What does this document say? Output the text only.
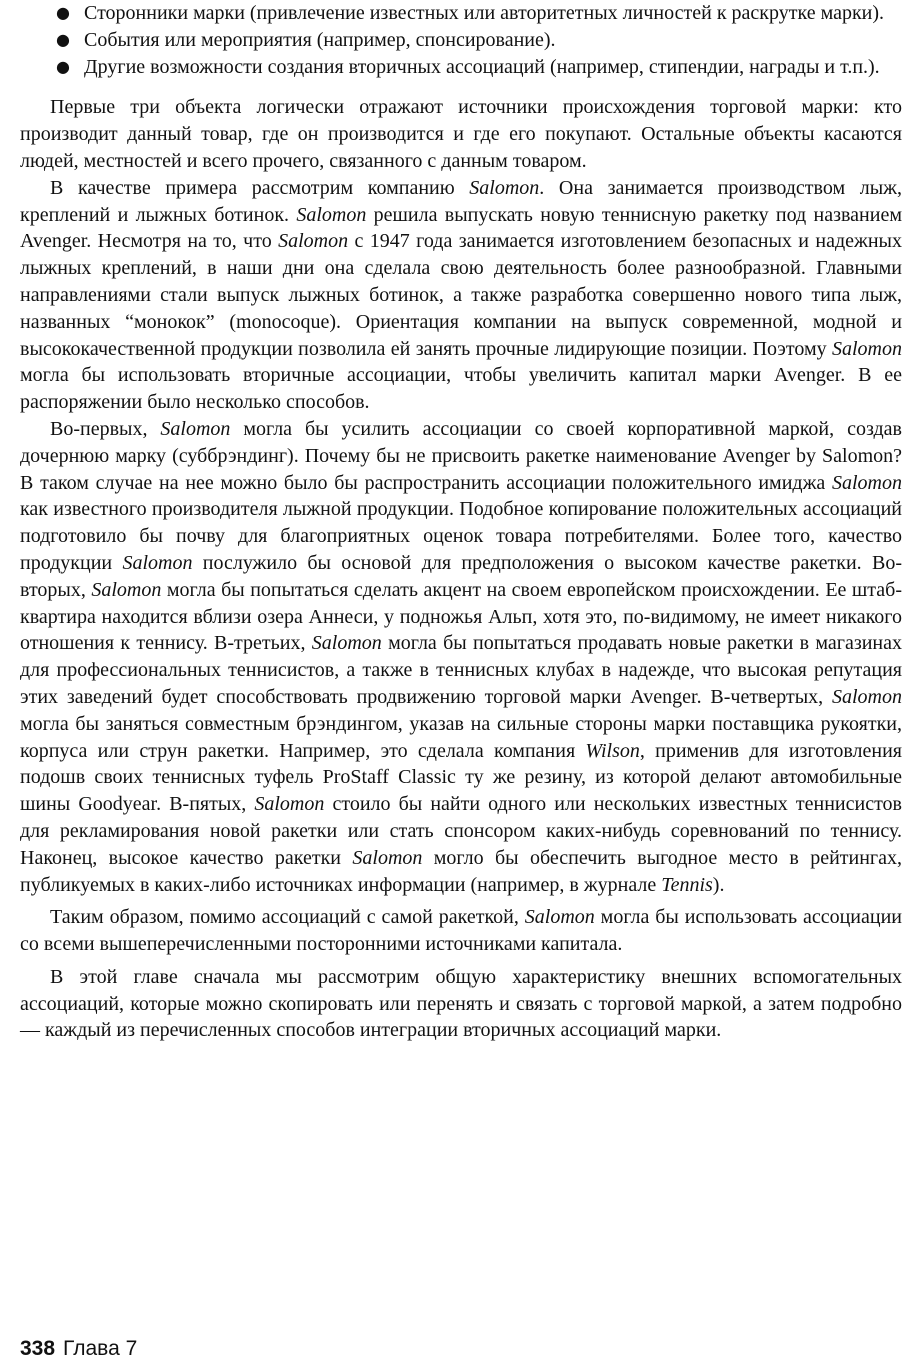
● Сторонники марки (привлечение известных или авторитетных личностей к раскрутке марки).
● События или мероприятия (например, спонсирование).
● Другие возможности создания вторичных ассоциаций (например, стипендии, награды и т.п.).

Первые три объекта логически отражают источники происхождения торговой марки: кто производит данный товар, где он производится и где его покупают. Остальные объекты касаются людей, местностей и всего прочего, связанного с данным товаром.

В качестве примера рассмотрим компанию Salomon. Она занимается производством лыж, креплений и лыжных ботинок. Salomon решила выпускать новую теннисную ракетку под названием Avenger. Несмотря на то, что Salomon с 1947 года занимается изготовлением безопасных и надежных лыжных креплений, в наши дни она сделала свою деятельность более разнообразной. Главными направлениями стали выпуск лыжных ботинок, а также разработка совершенно нового типа лыж, названных “монокок” (monocoque). Ориентация компании на выпуск современной, модной и высококачественной продукции позволила ей занять прочные лидирующие позиции. Поэтому Salomon могла бы использовать вторичные ассоциации, чтобы увеличить капитал марки Avenger. В ее распоряжении было несколько способов.

Во-первых, Salomon могла бы усилить ассоциации со своей корпоративной маркой, создав дочернюю марку (суббрэндинг). Почему бы не присвоить ракетке наименование Avenger by Salomon? В таком случае на нее можно было бы распространить ассоциации положительного имиджа Salomon как известного производителя лыжной продукции. Подобное копирование положительных ассоциаций подготовило бы почву для благоприятных оценок товара потребителями. Более того, качество продукции Salomon послужило бы основой для предположения о высоком качестве ракетки. Во-вторых, Salomon могла бы попытаться сделать акцент на своем европейском происхождении. Ее штаб-квартира находится вблизи озера Аннеси, у подножья Альп, хотя это, по-видимому, не имеет никакого отношения к теннису. В-третьих, Salomon могла бы попытаться продавать новые ракетки в магазинах для профессиональных теннисистов, а также в теннисных клубах в надежде, что высокая репутация этих заведений будет способствовать продвижению торговой марки Avenger. В-четвертых, Salomon могла бы заняться совместным брэндингом, указав на сильные стороны марки поставщика рукоятки, корпуса или струн ракетки. Например, это сделала компания Wilson, применив для изготовления подошв своих теннисных туфель ProStaff Classic ту же резину, из которой делают автомобильные шины Goodyear. В-пятых, Salomon стоило бы найти одного или нескольких известных теннисистов для рекламирования новой ракетки или стать спонсором каких-нибудь соревнований по теннису. Наконец, высокое качество ракетки Salomon могло бы обеспечить выгодное место в рейтингах, публикуемых в каких-либо источниках информации (например, в журнале Tennis).

Таким образом, помимо ассоциаций с самой ракеткой, Salomon могла бы использовать ассоциации со всеми вышеперечисленными посторонними источниками капитала.

В этой главе сначала мы рассмотрим общую характеристику внешних вспомогательных ассоциаций, которые можно скопировать или перенять и связать с торговой маркой, а затем подробно — каждый из перечисленных способов интеграции вторичных ассоциаций марки.

338 Глава 7
